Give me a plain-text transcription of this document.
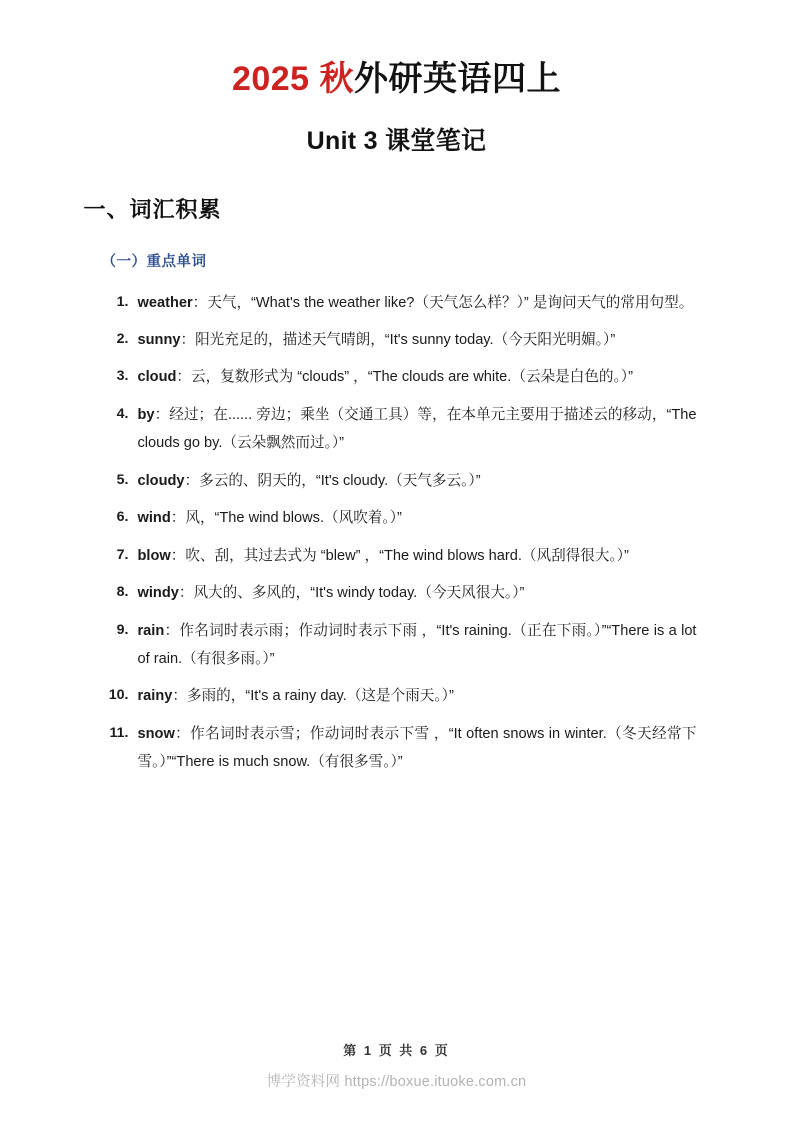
2025 秋外研英语四上
Unit 3 课堂笔记
一、词汇积累
（一）重点单词
1. weather：天气，“What's the weather like?（天气怎么样？）” 是询问天气的常用句型。
2. sunny：阳光充足的，描述天气晴朗，“It's sunny today.（今天阳光明媚。）”
3. cloud：云，复数形式为 “clouds” ，“The clouds are white.（云朵是白色的。）”
4. by：经过；在...... 旁边；乘坐（交通工具）等，在本单元主要用于描述云的移动，“The clouds go by.（云朵飘然而过。）”
5. cloudy：多云的、阴天的，“It's cloudy.（天气多云。）”
6. wind：风，“The wind blows.（风吹着。）”
7. blow：吹、刮，其过去式为 “blew” ，“The wind blows hard.（风刮得很大。）”
8. windy：风大的、多风的，“It's windy today.（今天风很大。）”
9. rain：作名词时表示雨；作动词时表示下雨 ，“It's raining.（正在下雨。）”“There is a lot of rain.（有很多雨。）”
10. rainy：多雨的，“It's a rainy day.（这是个雨天。）”
11. snow：作名词时表示雪；作动词时表示下雪 ，“It often snows in winter.（冬天经常下雪。）”“There is much snow.（有很多雪。）”
第 1 页 共 6 页
博学资料网 https://boxue.ituoke.com.cn
